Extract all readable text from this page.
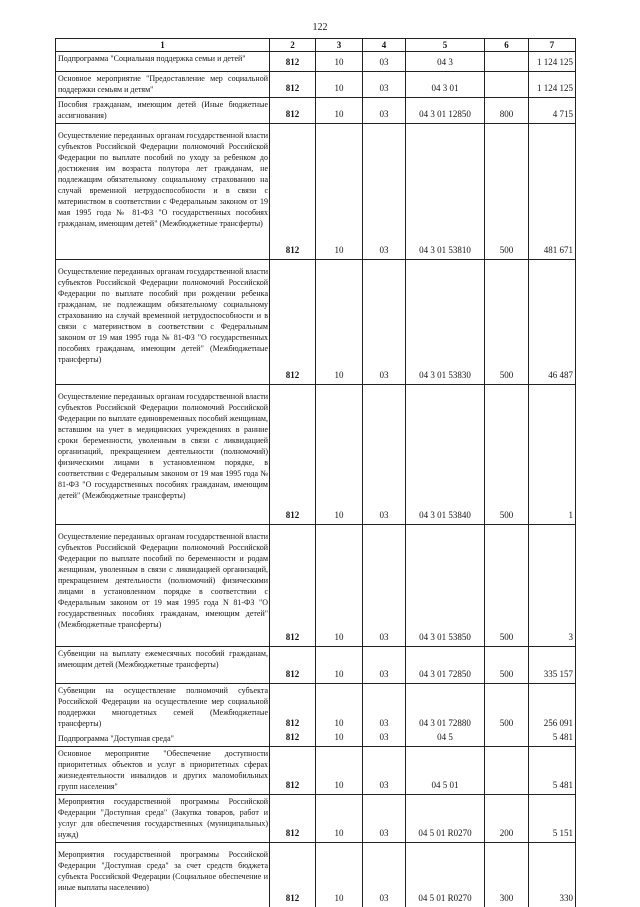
122
1	2	3	4	5	6	7
Подпрограмма "Социальная поддержка семьи и детей"	812	10	03	04 3		1 124 125
Основное мероприятие "Предоставление мер социальной поддержки семьям и детям"	812	10	03	04 3 01		1 124 125
Пособия гражданам, имеющим детей (Иные бюджетные ассигнования)	812	10	03	04 3 01 12850	800	4 715
Осуществление переданных органам государственной власти субъектов Российской Федерации полномочий Российской Федерации по выплате пособий по уходу за ребенком до достижения им возраста полутора лет гражданам, не подлежащим обязательному социальному страхованию на случай временной нетрудоспособности и в связи с материнством в соответствии с Федеральным законом от 19 мая 1995 года № 81-ФЗ "О государственных пособиях гражданам, имеющим детей" (Межбюджетные трансферты)	812	10	03	04 3 01 53810	500	481 671
Осуществление переданных органам государственной власти субъектов Российской Федерации полномочий Российской Федерации по выплате пособий при рождении ребенка гражданам, не подлежащим обязательному социальному страхованию на случай временной нетрудоспособности и в связи с материнством в соответствии с Федеральным законом от 19 мая 1995 года № 81-ФЗ "О государственных пособиях гражданам, имеющим детей" (Межбюджетные трансферты)	812	10	03	04 3 01 53830	500	46 487
Осуществление переданных органам государственной власти субъектов Российской Федерации полномочий Российской Федерации по выплате единовременных пособий женщинам, вставшим на учет в медицинских учреждениях в ранние сроки беременности, уволенным в связи с ликвидацией организаций, прекращением деятельности (полномочий) физическими лицами в установленном порядке, в соответствии с Федеральным законом от 19 мая 1995 года № 81-ФЗ "О государственных пособиях гражданам, имеющим детей" (Межбюджетные трансферты)	812	10	03	04 3 01 53840	500	1
Осуществление переданных органам государственной власти субъектов Российской Федерации полномочий Российской Федерации по выплате пособий по беременности и родам женщинам, уволенным в связи с ликвидацией организаций, прекращением деятельности (полномочий) физическими лицами в установленном порядке в соответствии с Федеральным законом от 19 мая 1995 года N 81-ФЗ "О государственных пособиях гражданам, имеющим детей" (Межбюджетные трансферты)	812	10	03	04 3 01 53850	500	3
Субвенции на выплату ежемесячных пособий гражданам, имеющим детей (Межбюджетные трансферты)	812	10	03	04 3 01 72850	500	335 157
Субвенции на осуществление полномочий субъекта Российской Федерации на осуществление мер социальной поддержки многодетных семей (Межбюджетные трансферты)	812	10	03	04 3 01 72880	500	256 091
Подпрограмма "Доступная среда"	812	10	03	04 5		5 481
Основное мероприятие "Обеспечение доступности приоритетных объектов и услуг в приоритетных сферах жизнедеятельности инвалидов и других маломобильных групп населения"	812	10	03	04 5 01		5 481
Мероприятия государственной программы Российской Федерации "Доступная среда" (Закупка товаров, работ и услуг для обеспечения государственных (муниципальных) нужд)	812	10	03	04 5 01 R0270	200	5 151
Мероприятия государственной программы Российской Федерации "Доступная среда" за счет средств бюджета субъекта Российской Федерации (Социальное обеспечение и иные выплаты населению)	812	10	03	04 5 01 R0270	300	330
